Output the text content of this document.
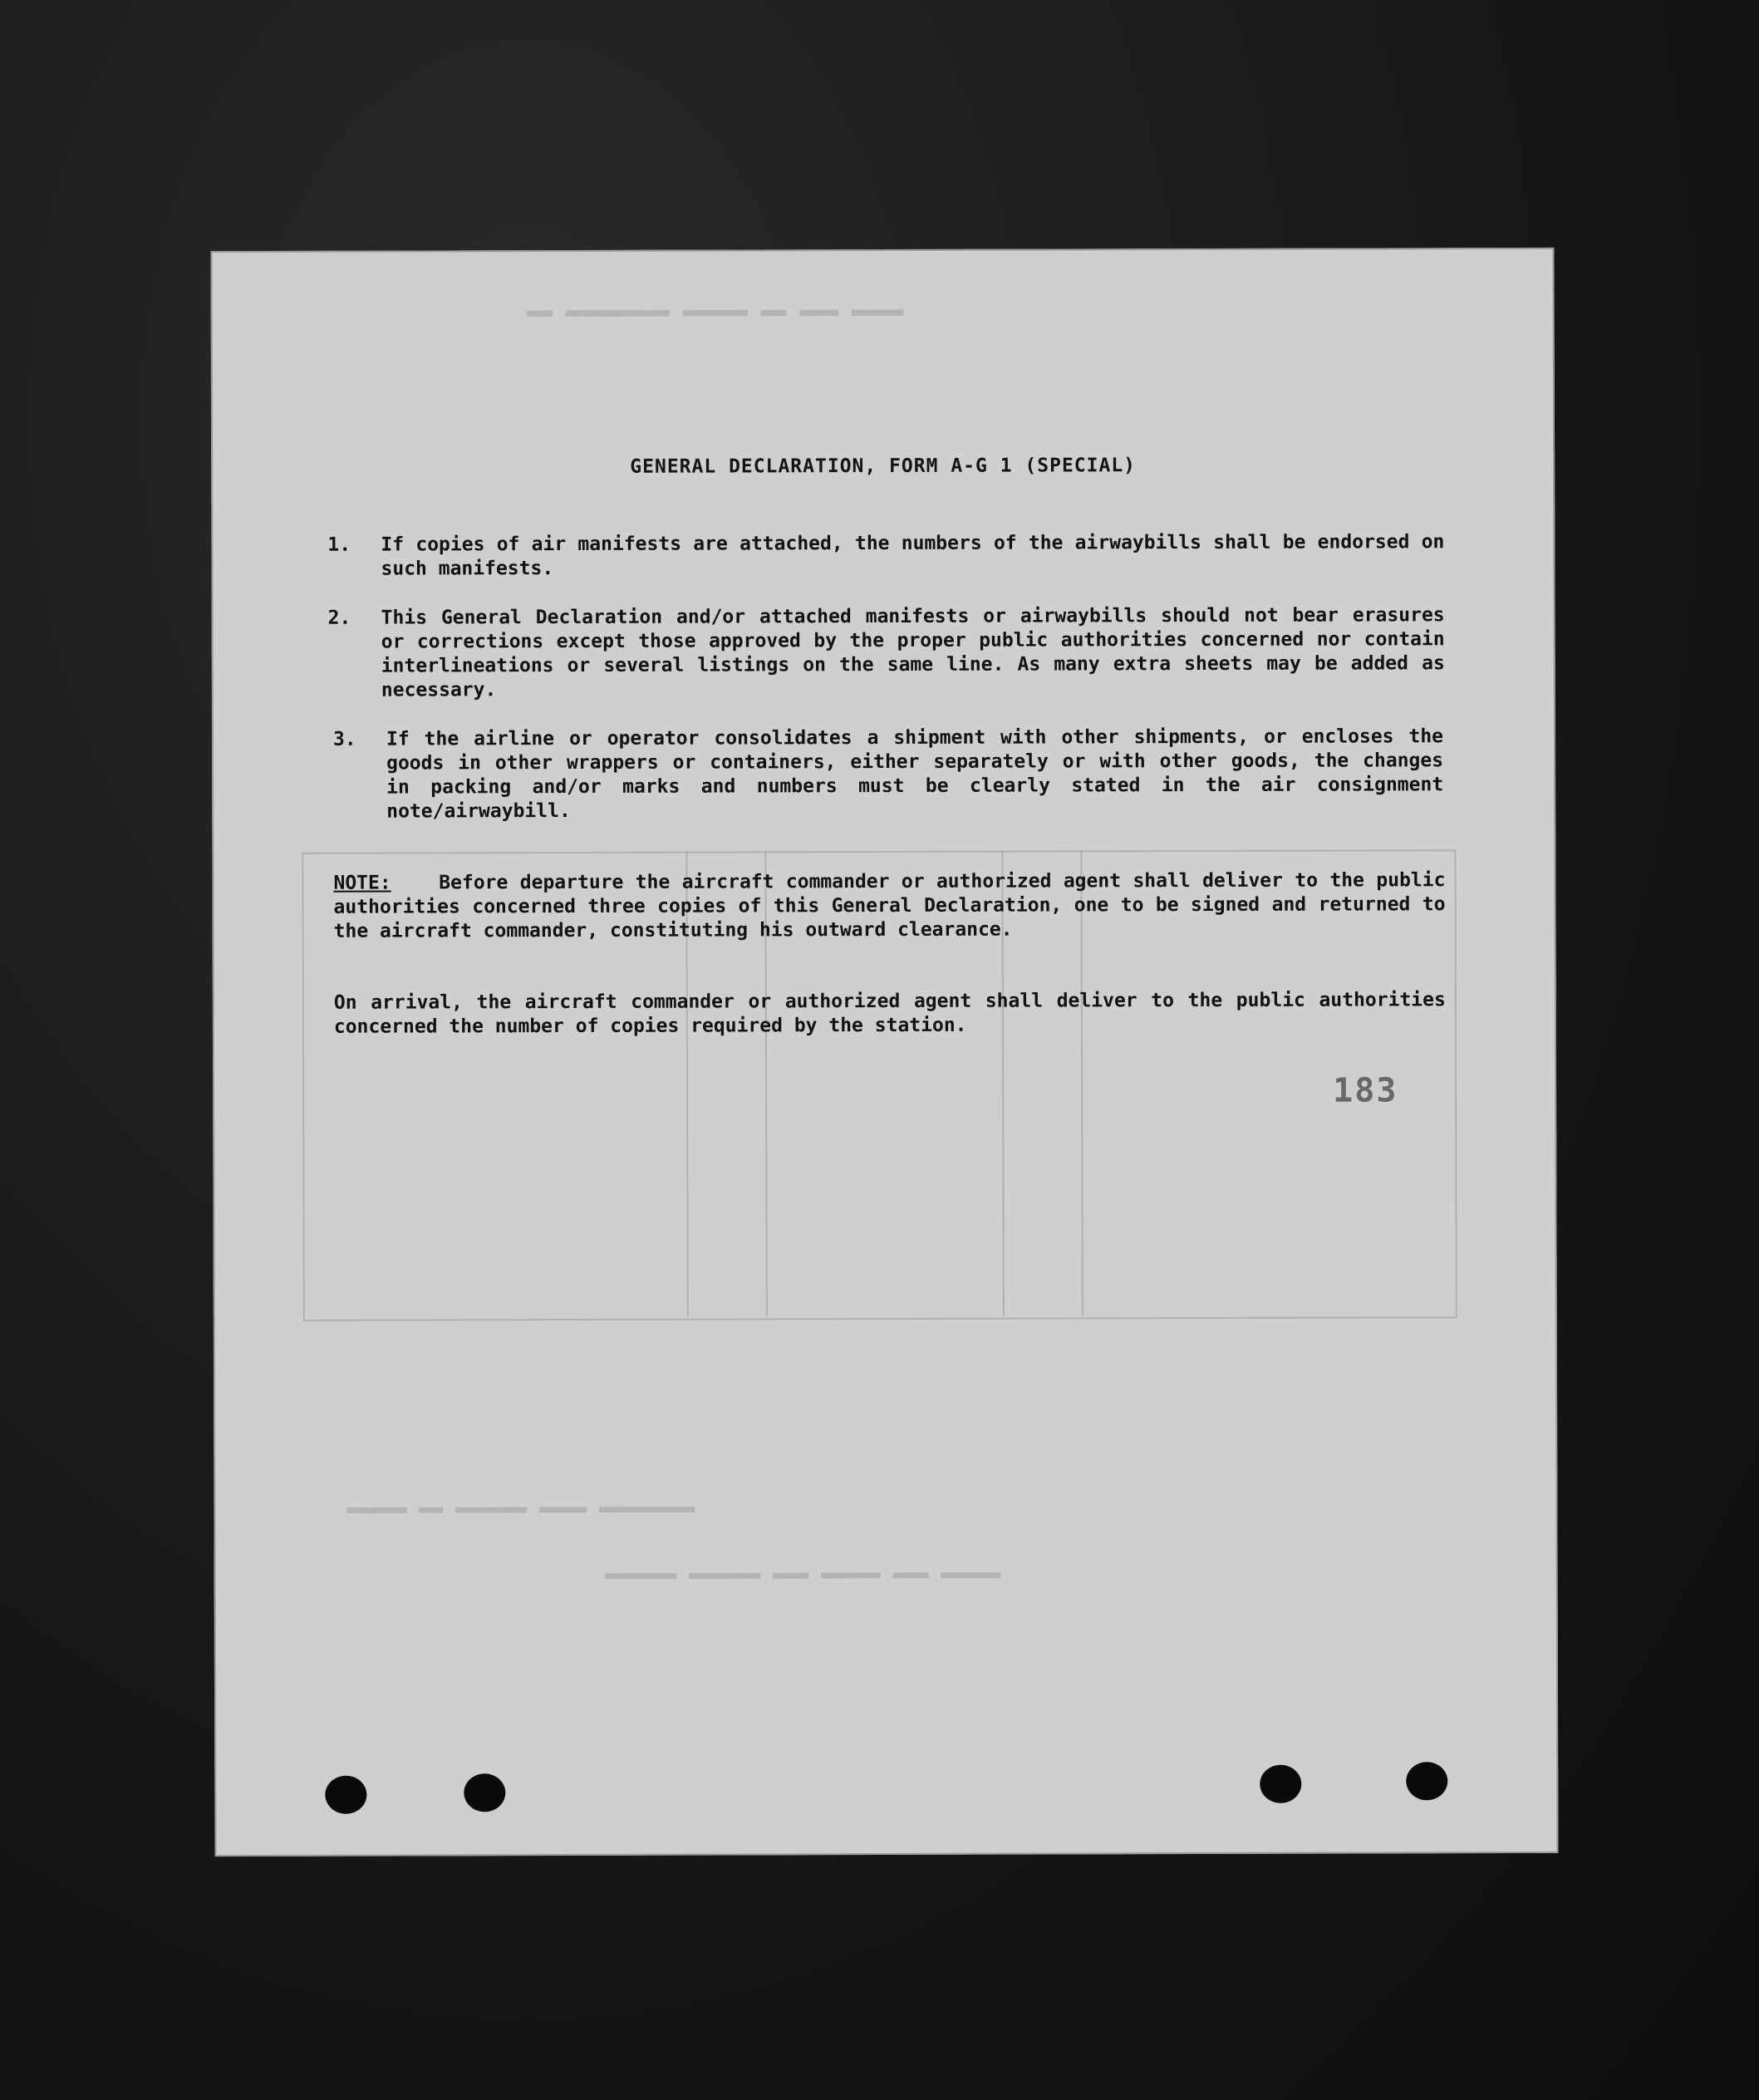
▬▬▬▬ ▬▬▬ ▬▬ ▬▬▬▬▬ ▬▬▬▬▬▬▬▬ ▬▬
▬▬▬▬▬▬▬▬ ▬▬▬▬ ▬▬▬▬▬▬ ▬▬ ▬▬▬▬▬
▬▬▬▬▬ ▬▬▬ ▬▬▬▬▬ ▬▬▬ ▬▬▬▬▬▬ ▬▬▬▬▬▬
GENERAL DECLARATION, FORM A-G 1 (SPECIAL)
1. If copies of air manifests are attached, the numbers of the airwaybills shall be endorsed on such manifests.
2. This General Declaration and/or attached manifests or airwaybills should not bear erasures or corrections except those approved by the proper public authorities concerned nor contain interlineations or several listings on the same line. As many extra sheets may be added as necessary.
3. If the airline or operator consolidates a shipment with other shipments, or encloses the goods in other wrappers or containers, either separately or with other goods, the changes in packing and/or marks and numbers must be clearly stated in the air consignment note/airwaybill.
NOTE: Before departure the aircraft commander or authorized agent shall deliver to the public authorities concerned three copies of this General Declaration, one to be signed and returned to the aircraft commander, constituting his outward clearance.
On arrival, the aircraft commander or authorized agent shall deliver to the public authorities concerned the number of copies required by the station.
183
